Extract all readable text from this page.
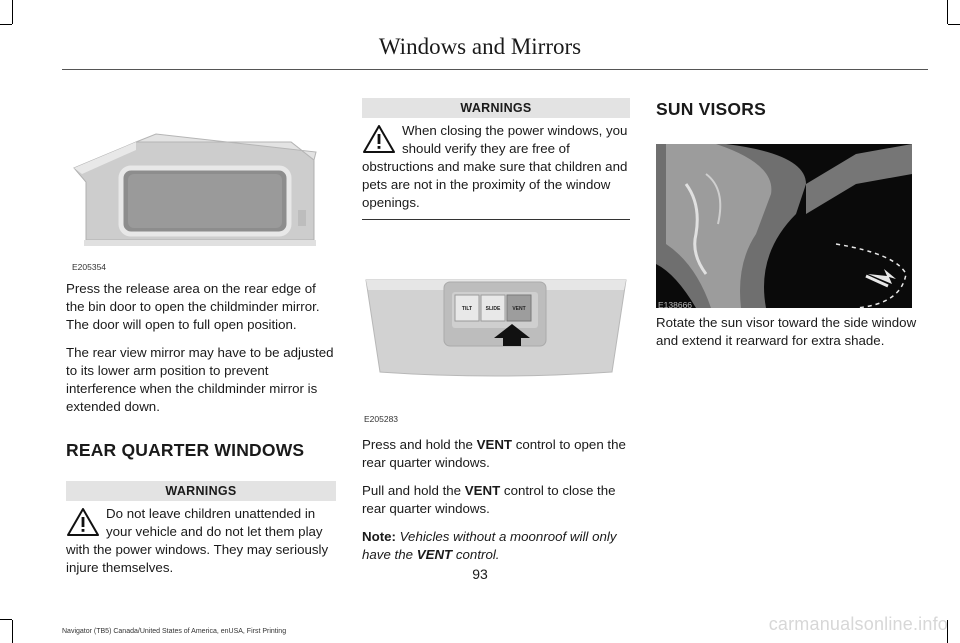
Windows and Mirrors
E205354

Press the release area on the rear edge of the bin door to open the childminder mirror. The door will open to full open position.

The rear view mirror may have to be adjusted to its lower arm position to prevent interference when the childminder mirror is extended down.

REAR QUARTER WINDOWS
WARNINGS
Do not leave children unattended in your vehicle and do not let them play with the power windows. They may seriously injure themselves.
WARNINGS
When closing the power windows, you should verify they are free of obstructions and make sure that children and pets are not in the proximity of the window openings.
TILT	SLIDE VENT
E205283

Press and hold the VENT control to open the rear quarter windows.

Pull and hold the VENT control to close the rear quarter windows.

Note: Vehicles without a moonroof will only have the VENT control.

SUN VISORS
E138666

Rotate the sun visor toward the side window and extend it rearward for extra shade.

93
Navigator (TB5) Canada/United States of America, enUSA, First Printing	carmanualsonline.info
